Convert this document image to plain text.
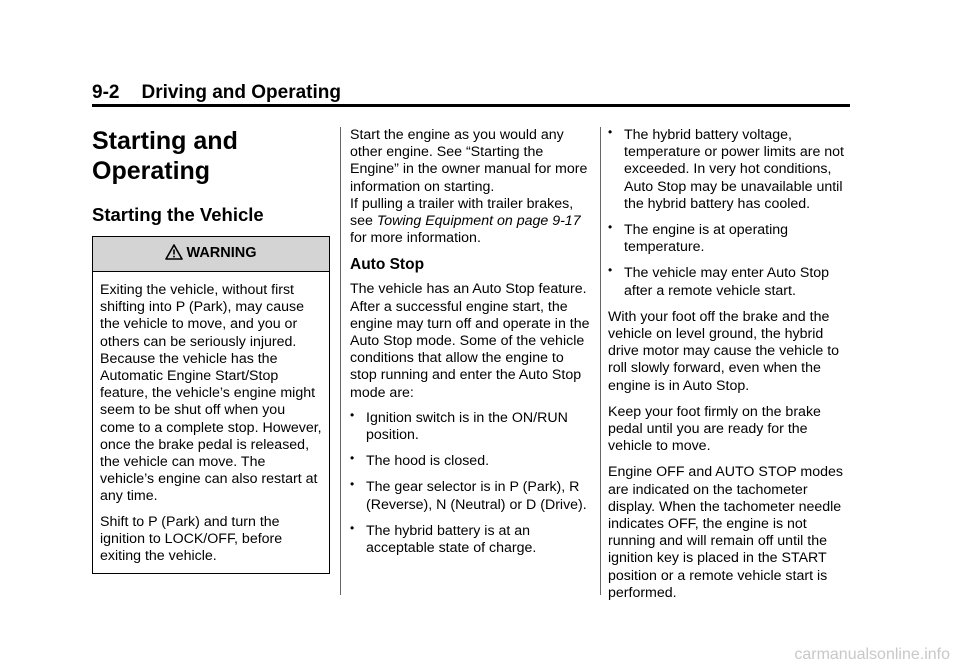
9-2 Driving and Operating
Starting and
Operating
Starting the Vehicle
WARNING

Exiting the vehicle, without first shifting into P (Park), may cause the vehicle to move, and you or others can be seriously injured. Because the vehicle has the Automatic Engine Start/Stop feature, the vehicle’s engine might seem to be shut off when you come to a complete stop. However, once the brake pedal is released, the vehicle can move. The vehicle’s engine can also restart at any time.

Shift to P (Park) and turn the ignition to LOCK/OFF, before exiting the vehicle.

Start the engine as you would any other engine. See “Starting the Engine” in the owner manual for more information on starting.

If pulling a trailer with trailer brakes, see Towing Equipment on page 9-17 for more information.

Auto Stop

The vehicle has an Auto Stop feature. After a successful engine start, the engine may turn off and operate in the Auto Stop mode. Some of the vehicle conditions that allow the engine to stop running and enter the Auto Stop mode are:

• Ignition switch is in the ON/RUN position.
• The hood is closed.
• The gear selector is in P (Park), R (Reverse), N (Neutral) or D (Drive).
• The hybrid battery is at an acceptable state of charge.
• The hybrid battery voltage, temperature or power limits are not exceeded. In very hot conditions, Auto Stop may be unavailable until the hybrid battery has cooled.
• The engine is at operating temperature.
• The vehicle may enter Auto Stop after a remote vehicle start.

With your foot off the brake and the vehicle on level ground, the hybrid drive motor may cause the vehicle to roll slowly forward, even when the engine is in Auto Stop.

Keep your foot firmly on the brake pedal until you are ready for the vehicle to move.

Engine OFF and AUTO STOP modes are indicated on the tachometer display. When the tachometer needle indicates OFF, the engine is not running and will remain off until the ignition key is placed in the START position or a remote vehicle start is performed.

carmanualsonline.info
